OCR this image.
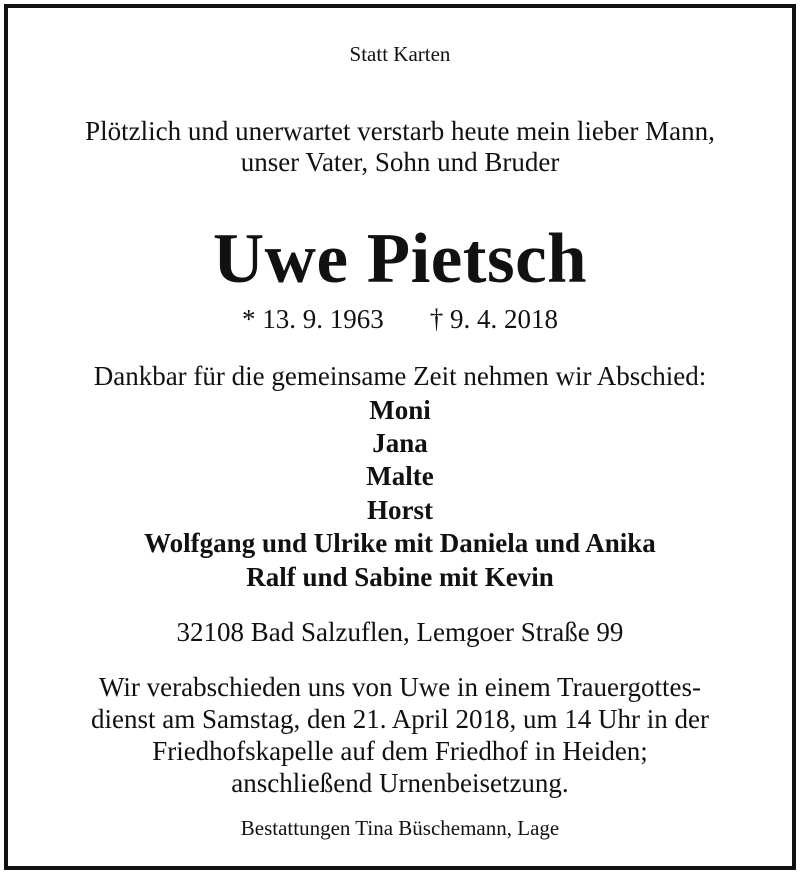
Statt Karten
Plötzlich und unerwartet verstarb heute mein lieber Mann,
unser Vater, Sohn und Bruder
Uwe Pietsch
* 13. 9. 1963 † 9. 4. 2018
Dankbar für die gemeinsame Zeit nehmen wir Abschied:
Moni
Jana
Malte
Horst
Wolfgang und Ulrike mit Daniela und Anika
Ralf und Sabine mit Kevin
32108 Bad Salzuflen, Lemgoer Straße 99
Wir verabschieden uns von Uwe in einem Trauergottes-
dienst am Samstag, den 21. April 2018, um 14 Uhr in der
Friedhofskapelle auf dem Friedhof in Heiden;
anschließend Urnenbeisetzung.
Bestattungen Tina Büschemann, Lage
